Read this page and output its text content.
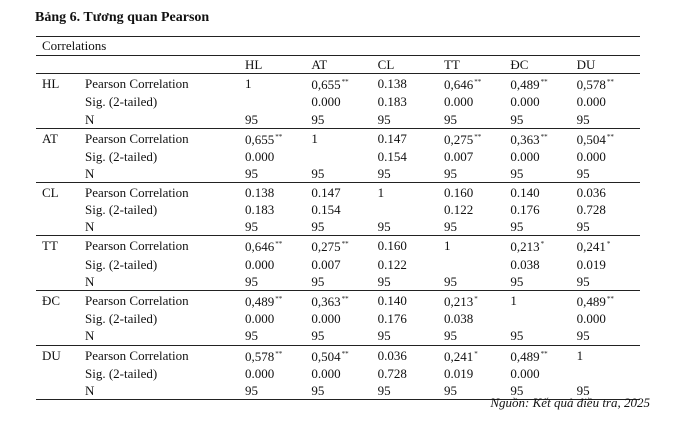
Bảng 6. Tương quan Pearson
Correlations
		HL	AT	CL	TT	ĐC	DU
HL	Pearson Correlation	1	0,655**	0.138	0,646**	0,489**	0,578**
	Sig. (2-tailed)		0.000	0.183	0.000	0.000	0.000
	N	95	95	95	95	95	95
AT	Pearson Correlation	0,655**	1	0.147	0,275**	0,363**	0,504**
	Sig. (2-tailed)	0.000		0.154	0.007	0.000	0.000
	N	95	95	95	95	95	95
CL	Pearson Correlation	0.138	0.147	1	0.160	0.140	0.036
	Sig. (2-tailed)	0.183	0.154		0.122	0.176	0.728
	N	95	95	95	95	95	95
TT	Pearson Correlation	0,646**	0,275**	0.160	1	0,213*	0,241*
	Sig. (2-tailed)	0.000	0.007	0.122		0.038	0.019
	N	95	95	95	95	95	95
ĐC	Pearson Correlation	0,489**	0,363**	0.140	0,213*	1	0,489**
	Sig. (2-tailed)	0.000	0.000	0.176	0.038		0.000
	N	95	95	95	95	95	95
DU	Pearson Correlation	0,578**	0,504**	0.036	0,241*	0,489**	1
	Sig. (2-tailed)	0.000	0.000	0.728	0.019	0.000	
	N	95	95	95	95	95	95
Nguồn: Kết quả điều tra, 2025
